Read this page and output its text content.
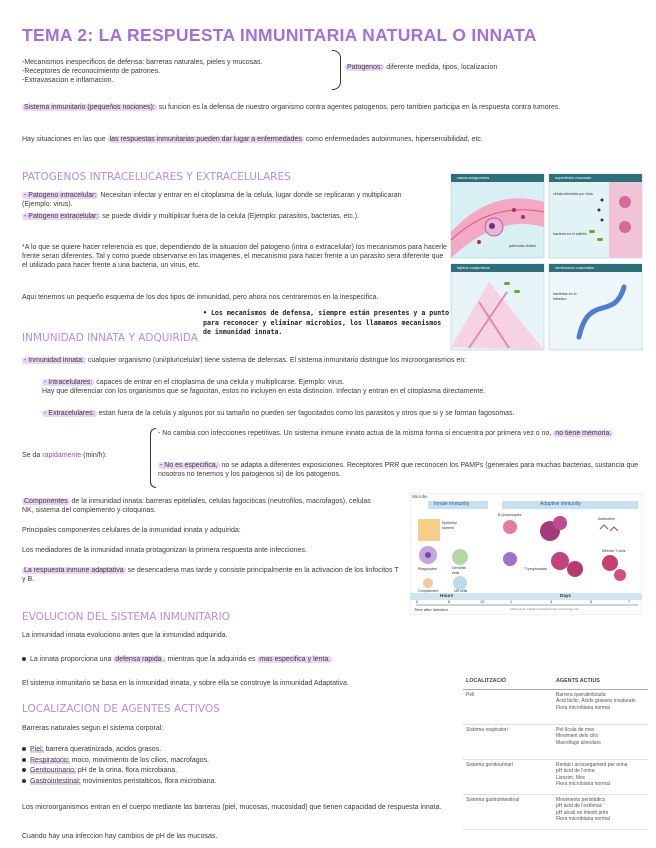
TEMA 2: LA RESPUESTA INMUNITARIA NATURAL O INNATA
-Mecanismos inespecificos de defensa: barreras naturales, pieles y mucosas.
-Receptores de reconocimiento de patrones.
-Extravasacion e inflamacion.
Patogenos: diferente medida, tipos, localizacion
Sistema inmunitario (pequeños nociones): su funcion es la defensa de nuestro organismo contra agentes patogenos, pero tambien participa en la respuesta contra tumores.
Hay situaciones en las que las respuestas inmunitarias pueden dar lugar a enfermedades como enfermedades autoinmunes, hipersensibilidad, etc.
PATOGENOS INTRACELUCARES Y EXTRACELULARES
- Patogeno intracelular: Necesitan infectar y entrar en el citoplasma de la celula, lugar donde se replicaran y multiplicaran (Ejemplo: virus).
- Patogeno extracelular: se puede dividir y multiplicar fuera de la celula (Ejemplo: parasitos, bacterias, etc.).
*A lo que se quiere hacer referencia es que, dependiendo de la situacion del patogeno (intra o extracelular) los mecanismos para hacerle frente seran diferentes. Tal y como puede observarse en las imagenes, el mecanismo para hacer frente a un parasito sera diferente que el utilizado para hacer frente a una bacteria, un virus, etc.
Aqui tenemos un pequeño esquema de los dos tipos de inmunidad, pero ahora nos centraremos en la inespecifica.
vasos sanguíneos	superficies mucosas
tejidos conjuntivos	ventrículos corporales
célula infectada por virus
bacteria en el epitelio
partículas virales
bacterias en el intestino
• Los mecanismos de defensa, siempre están presentes y a punto para reconocer y eliminar microbios, los llamamos mecanismos de inmunidad innata.
INMUNIDAD INNATA Y ADQUIRIDA
- Inmunidad innata: cualquier organismo (uni/pluricelular) tiene sistema de defensas. El sistema inmunitario distingue los microorganismos en:
- Intracelulares: capaces de entrar en el citoplasma de una celula y multiplicarse. Ejemplo: virus.
Hay que diferenciar con los organismos que se fagocitan, estos no incluyen en esta distincion. Infectan y entran en el citoplasma directamente.
- Extracelulares: estan fuera de la celula y algunos por su tamaño no pueden ser fagocitados como los parasitos y otros que si y se forman fagosomas.
Se da rapidamente (min/h):
- No cambia con infecciones repetitivas. Un sistema inmune innato actua de la misma forma si encuentra por primera vez o no, no tiene memoria.
- No es especifica, no se adapta a diferentes exposiciones. Receptores PRR que reconocen los PAMPs (generales para muchas bacterias, sustancia que nosotros no tenemos y los patogenos si) de los patogenos.
Componentes de la inmunidad innata: barreras epiteliales, celulas fagociticas (neutrofilos, macrofagos), celulas NK, sistema del complemento y citoquinas.
Principales componentes celulares de la inmunidad innata y adquirida:
Los mediadores de la inmunidad innata protagonizan la primera respuesta ante infecciones.
La respuesta inmune adaptativa se desencadena mas tarde y consiste principalmente en la activacion de los linfocitos T y B.
Microbe
Innate immunity	Adaptive immunity
Epithelial barriers
Phagocytes	Dendritic cells
Complement	NK cells
B lymphocytes
Antibodies
T lymphocytes
Effector T cells
Hours	Days
0	6	12	1	3	5	7
Time after infection	Abbas et al. Cellular and Molecular Immunology, 9e
EVOLUCION DEL SISTEMA INMUNITARIO
La inmunidad innata evoluciono antes que la inmunidad adquirida.
La innata proporciona una defensa rapida , mientras que la adquirida es mas especifica y lenta.
El sistema inmunitario se basa en la inmunidad innata, y sobre ella se construye la inmunidad Adaptativa.
LOCALIZACION DE AGENTES ACTIVOS
Barreras naturales segun el sistema corporal:
Piel: barrera queratinizada, acidos grasos.
Respiratorio: moco, movimiento de los cilios, macrofagos.
Genitourinario: pH de la orina, flora microbiana.
Gastrointestinal: movimientos peristalticos, flora microbiana.
Los microorganismos entran en el cuerpo mediante las barreras (piel, mucosas, mucosidad) que tienen capacidad de respuesta innata.
Cuando hay una infeccion hay cambios de pH de las mucosas.
LOCALITZACIÓ	AGENTS ACTIUS
Pell	Barrera queratinitzada
Àcid làctic, Àcids grassos insaturats
Flora microbiana normal
Sistema respiratori	Pel·lícula de moc
Moviment dels cilis
Macròfags alveolars
Sistema genitourinari	Rentat i arossegament per orina
pH àcid de l'orina
Lisozim, Moc
Flora microbiana normal
Sistema gastrointestinal	Moviments peristàltics
pH àcid de l'estómac
pH alcalí en intestí prim
Flora microbiana normal
